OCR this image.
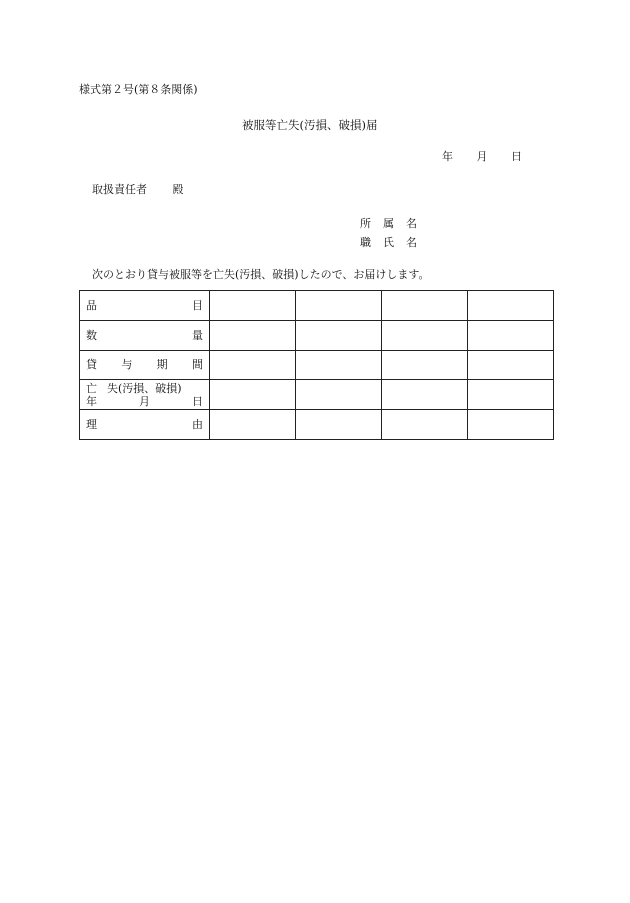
様式第２号(第８条関係)
被服等亡失(汚損、破損)届
年 月 日
取扱責任者 殿
所 属 名
職 氏 名
次のとおり貸与被服等を亡失(汚損、破損)したので、お届けします。
品 目				

数 量				

貸 与 期 間				

亡 失(汚損、破損)
年 月 日				

理 由				
